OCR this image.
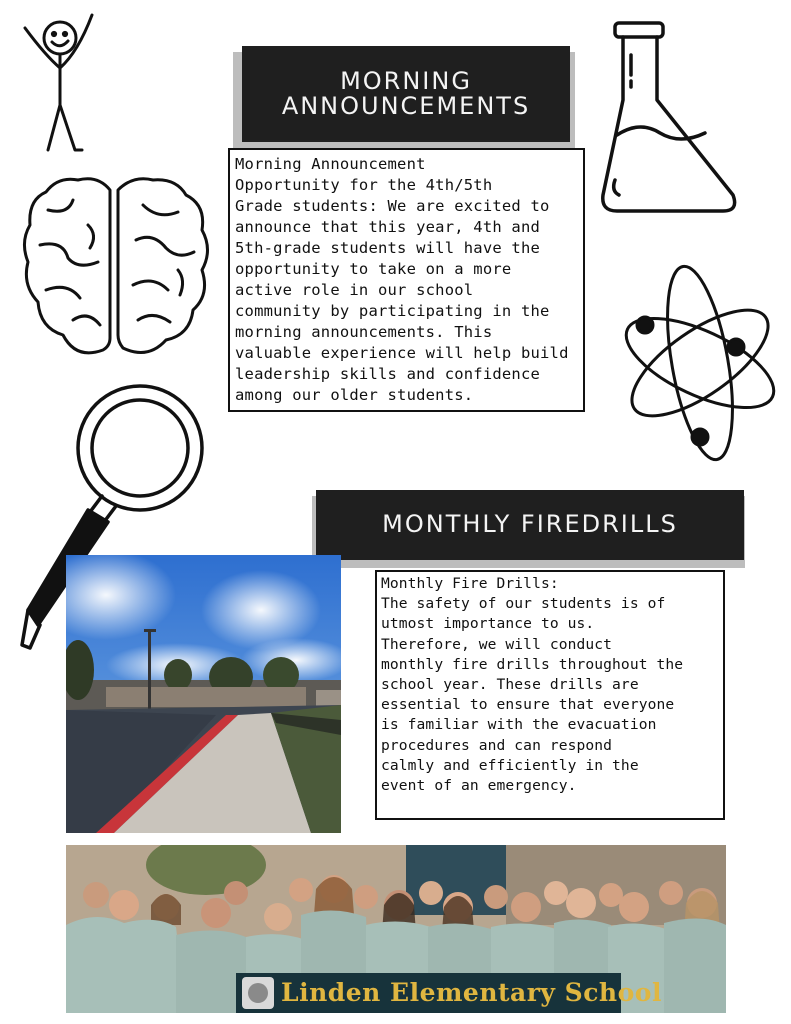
MORNING
ANNOUNCEMENTS

Morning Announcement
Opportunity for the 4th/5th
Grade students: We are excited to
announce that this year, 4th and
5th-grade students will have the
opportunity to take on a more
active role in our school
community by participating in the
morning announcements. This
valuable experience will help build
leadership skills and confidence
among our older students.

MONTHLY FIREDRILLS

Monthly Fire Drills:
The safety of our students is of
utmost importance to us.
Therefore, we will conduct
monthly fire drills throughout the
school year. These drills are
essential to ensure that everyone
is familiar with the evacuation
procedures and can respond
calmly and efficiently in the
event of an emergency.

Linden Elementary School
